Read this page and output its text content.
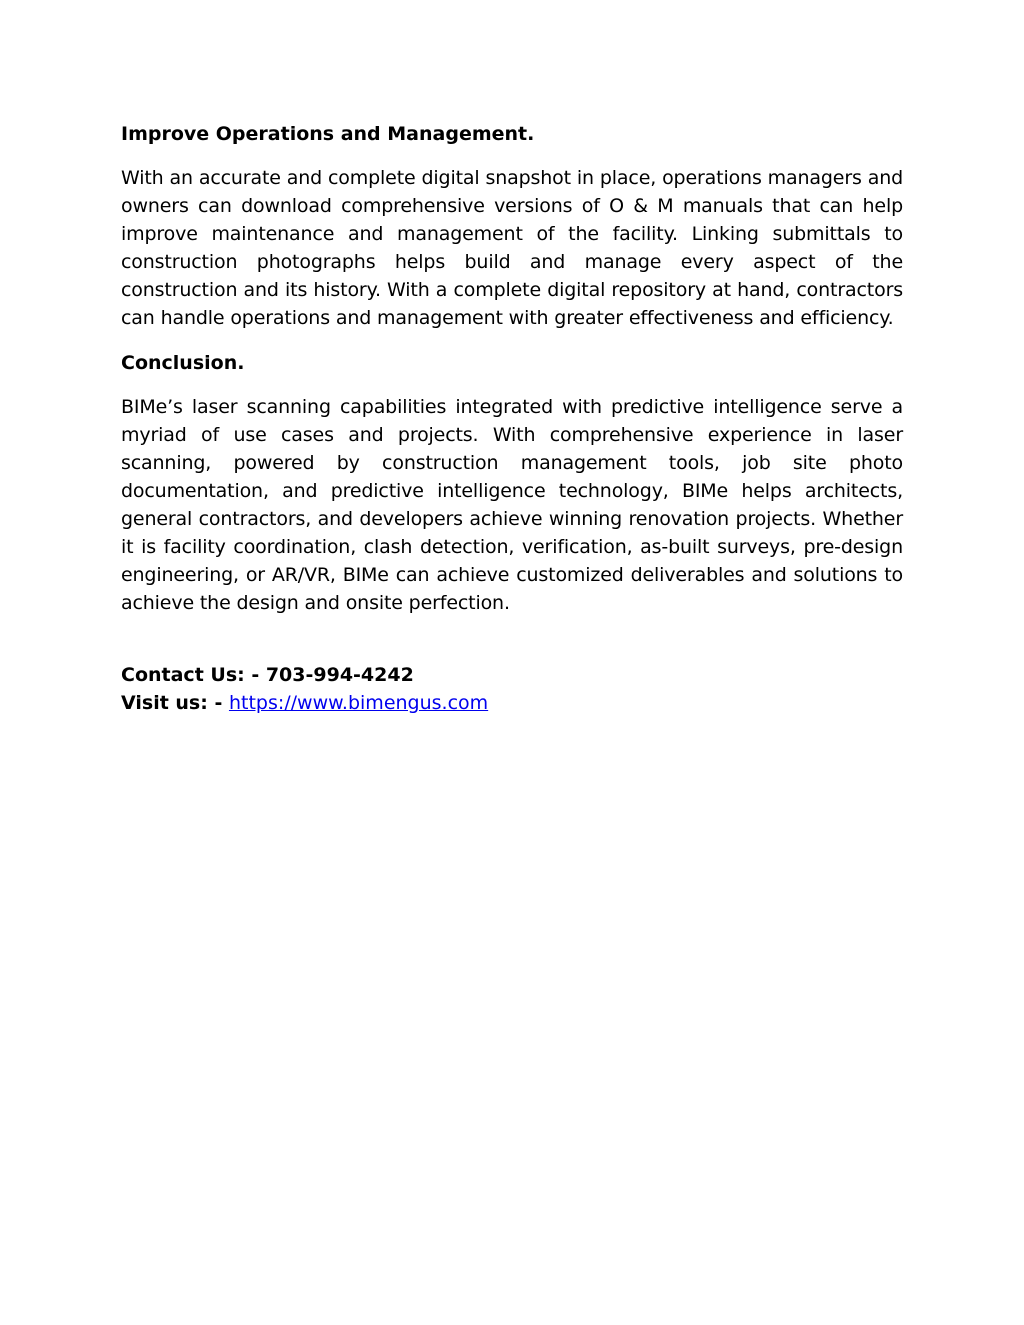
Improve Operations and Management.

With an accurate and complete digital snapshot in place, operations managers and owners can download comprehensive versions of O & M manuals that can help improve maintenance and management of the facility. Linking submittals to construction photographs helps build and manage every aspect of the construction and its history. With a complete digital repository at hand, contractors can handle operations and management with greater effectiveness and efficiency.

Conclusion.

BIMe’s laser scanning capabilities integrated with predictive intelligence serve a myriad of use cases and projects. With comprehensive experience in laser scanning, powered by construction management tools, job site photo documentation, and predictive intelligence technology, BIMe helps architects, general contractors, and developers achieve winning renovation projects. Whether it is facility coordination, clash detection, verification, as-built surveys, pre-design engineering, or AR/VR, BIMe can achieve customized deliverables and solutions to achieve the design and onsite perfection.

Contact Us: - 703-994-4242

Visit us: - https://www.bimengus.com
